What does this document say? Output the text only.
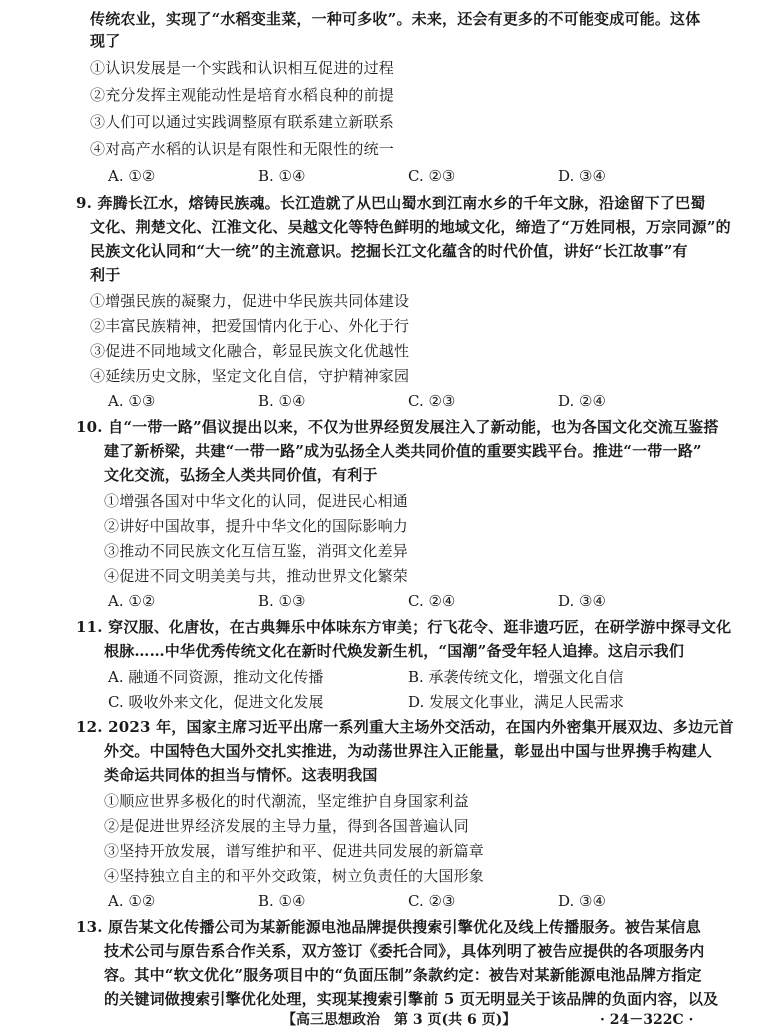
传统农业，实现了“水稻变韭菜，一种可多收”。未来，还会有更多的不可能变成可能。这体
现了
①认识发展是一个实践和认识相互促进的过程
②充分发挥主观能动性是培育水稻良种的前提
③人们可以通过实践调整原有联系建立新联系
④对高产水稻的认识是有限性和无限性的统一
A. ①②	B. ①④	C. ②③	D. ③④
9. 奔腾长江水，熔铸民族魂。长江造就了从巴山蜀水到江南水乡的千年文脉，沿途留下了巴蜀
文化、荆楚文化、江淮文化、吴越文化等特色鲜明的地域文化，缔造了“万姓同根，万宗同源”的
民族文化认同和“大一统”的主流意识。挖掘长江文化蕴含的时代价值，讲好“长江故事”有
利于
①增强民族的凝聚力，促进中华民族共同体建设
②丰富民族精神，把爱国情内化于心、外化于行
③促进不同地域文化融合，彰显民族文化优越性
④延续历史文脉，坚定文化自信，守护精神家园
A. ①③	B. ①④	C. ②③	D. ②④
10. 自“一带一路”倡议提出以来，不仅为世界经贸发展注入了新动能，也为各国文化交流互鉴搭
建了新桥梁，共建“一带一路”成为弘扬全人类共同价值的重要实践平台。推进“一带一路”
文化交流，弘扬全人类共同价值，有利于
①增强各国对中华文化的认同，促进民心相通
②讲好中国故事，提升中华文化的国际影响力
③推动不同民族文化互信互鉴，消弭文化差异
④促进不同文明美美与共，推动世界文化繁荣
A. ①②	B. ①③	C. ②④	D. ③④
11. 穿汉服、化唐妆，在古典舞乐中体味东方审美；行飞花令、逛非遗巧匠，在研学游中探寻文化
根脉……中华优秀传统文化在新时代焕发新生机，“国潮”备受年轻人追捧。这启示我们
A. 融通不同资源，推动文化传播	B. 承袭传统文化，增强文化自信
C. 吸收外来文化，促进文化发展	D. 发展文化事业，满足人民需求
12. 2023 年，国家主席习近平出席一系列重大主场外交活动，在国内外密集开展双边、多边元首
外交。中国特色大国外交扎实推进，为动荡世界注入正能量，彰显出中国与世界携手构建人
类命运共同体的担当与情怀。这表明我国
①顺应世界多极化的时代潮流，坚定维护自身国家利益
②是促进世界经济发展的主导力量，得到各国普遍认同
③坚持开放发展，谱写维护和平、促进共同发展的新篇章
④坚持独立自主的和平外交政策，树立负责任的大国形象
A. ①②	B. ①④	C. ②③	D. ③④
13. 原告某文化传播公司为某新能源电池品牌提供搜索引擎优化及线上传播服务。被告某信息
技术公司与原告系合作关系，双方签订《委托合同》，具体列明了被告应提供的各项服务内
容。其中“软文优化”服务项目中的“负面压制”条款约定：被告对某新能源电池品牌方指定
的关键词做搜索引擎优化处理，实现某搜索引擎前 5 页无明显关于该品牌的负面内容，以及
【高三思想政治　第 3 页(共 6 页)】	· 24－322C ·
